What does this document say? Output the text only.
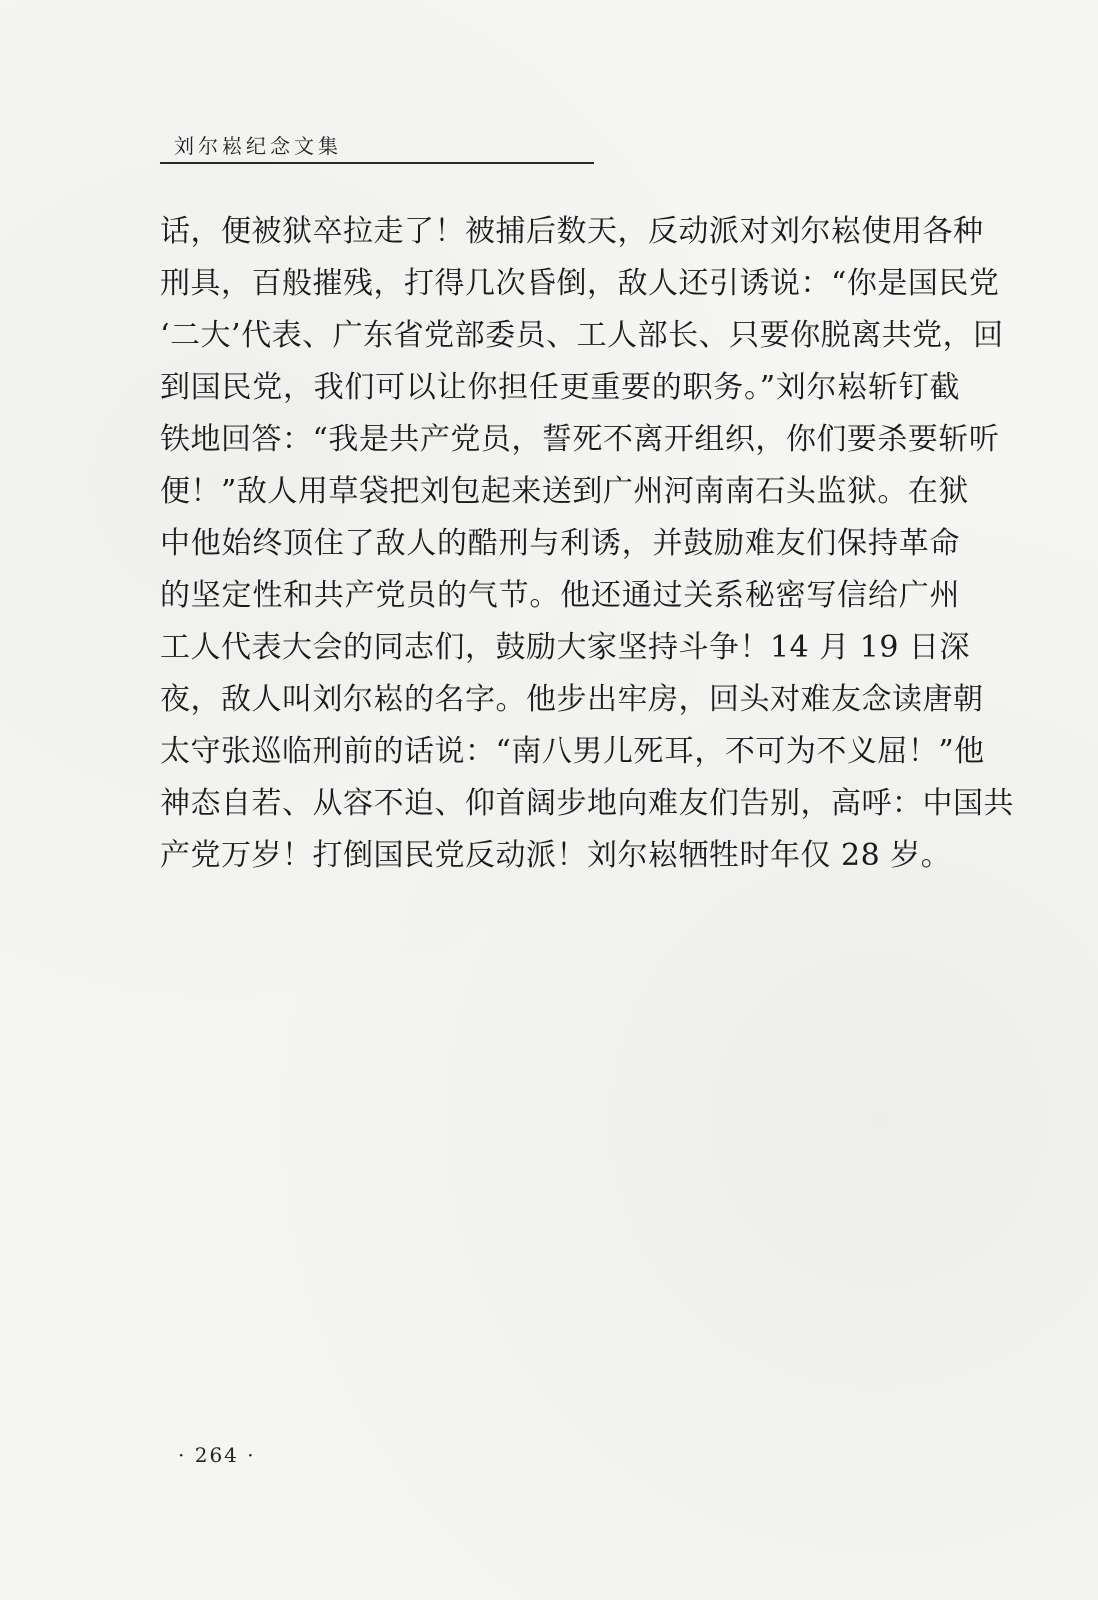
刘尔崧纪念文集
话，便被狱卒拉走了！被捕后数天，反动派对刘尔崧使用各种
刑具，百般摧残，打得几次昏倒，敌人还引诱说：“你是国民党
‘二大’代表、广东省党部委员、工人部长、只要你脱离共党，回
到国民党，我们可以让你担任更重要的职务。”刘尔崧斩钉截
铁地回答：“我是共产党员，誓死不离开组织，你们要杀要斩听
便！”敌人用草袋把刘包起来送到广州河南南石头监狱。在狱
中他始终顶住了敌人的酷刑与利诱，并鼓励难友们保持革命
的坚定性和共产党员的气节。他还通过关系秘密写信给广州
工人代表大会的同志们，鼓励大家坚持斗争！14 月 19 日深
夜，敌人叫刘尔崧的名字。他步出牢房，回头对难友念读唐朝
太守张巡临刑前的话说：“南八男儿死耳，不可为不义屈！”他
神态自若、从容不迫、仰首阔步地向难友们告别，高呼：中国共
产党万岁！打倒国民党反动派！刘尔崧牺牲时年仅 28 岁。
· 264 ·
